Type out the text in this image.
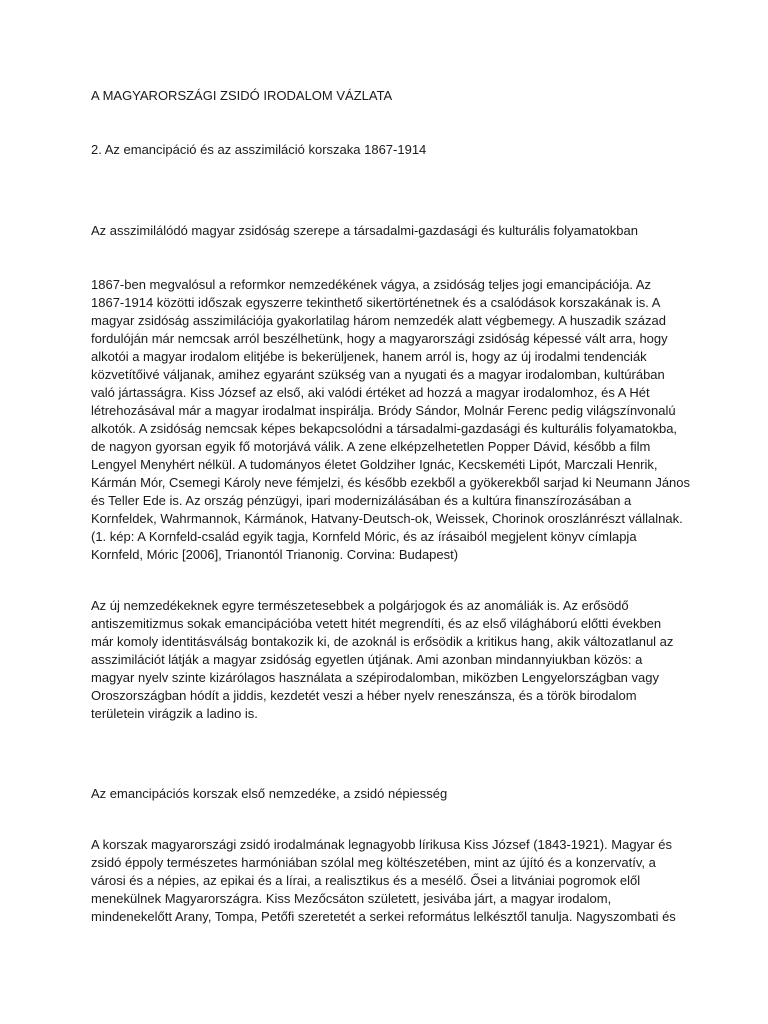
A MAGYARORSZÁGI ZSIDÓ IRODALOM VÁZLATA

2. Az emancipáció és az asszimiláció korszaka 1867-1914

Az asszimilálódó magyar zsidóság szerepe a társadalmi-gazdasági és kulturális folyamatokban

1867-ben megvalósul a reformkor nemzedékének vágya, a zsidóság teljes jogi emancipációja. Az

1867-1914 közötti időszak egyszerre tekinthető sikertörténetnek és a csalódások korszakának is. A

magyar zsidóság asszimilációja gyakorlatilag három nemzedék alatt végbemegy. A huszadik század

fordulóján már nemcsak arról beszélhetünk, hogy a magyarországi zsidóság képessé vált arra, hogy

alkotói a magyar irodalom elitjébe is bekerüljenek, hanem arról is, hogy az új irodalmi tendenciák

közvetítőivé váljanak, amihez egyaránt szükség van a nyugati és a magyar irodalomban, kultúrában

való jártasságra. Kiss József az első, aki valódi értéket ad hozzá a magyar irodalomhoz, és A Hét

létrehozásával már a magyar irodalmat inspirálja. Bródy Sándor, Molnár Ferenc pedig világszínvonalú

alkotók. A zsidóság nemcsak képes bekapcsolódni a társadalmi-gazdasági és kulturális folyamatokba,

de nagyon gyorsan egyik fő motorjává válik. A zene elképzelhetetlen Popper Dávid, később a film

Lengyel Menyhért nélkül. A tudományos életet Goldziher Ignác, Kecskeméti Lipót, Marczali Henrik,

Kármán Mór, Csemegi Károly neve fémjelzi, és később ezekből a gyökerekből sarjad ki Neumann János

és Teller Ede is. Az ország pénzügyi, ipari modernizálásában és a kultúra finanszírozásában a

Kornfeldek, Wahrmannok, Kármánok, Hatvany-Deutsch-ok, Weissek, Chorinok oroszlánrészt vállalnak.

(1. kép: A Kornfeld-család egyik tagja, Kornfeld Móric, és az írásaiból megjelent könyv címlapja

Kornfeld, Móric [2006], Trianontól Trianonig. Corvina: Budapest)

Az új nemzedékeknek egyre természetesebbek a polgárjogok és az anomáliák is. Az erősödő

antiszemitizmus sokak emancipációba vetett hitét megrendíti, és az első világháború előtti években

már komoly identitásválság bontakozik ki, de azoknál is erősödik a kritikus hang, akik változatlanul az

asszimilációt látják a magyar zsidóság egyetlen útjának. Ami azonban mindannyiukban közös: a

magyar nyelv szinte kizárólagos használata a szépirodalomban, miközben Lengyelországban vagy

Oroszországban hódít a jiddis, kezdetét veszi a héber nyelv reneszánsza, és a török birodalom

területein virágzik a ladino is.

Az emancipációs korszak első nemzedéke, a zsidó népiesség

A korszak magyarországi zsidó irodalmának legnagyobb lírikusa Kiss József (1843-1921). Magyar és

zsidó éppoly természetes harmóniában szólal meg költészetében, mint az újító és a konzervatív, a

városi és a népies, az epikai és a lírai, a realisztikus és a mesélő. Ősei a litvániai pogromok elől

menekülnek Magyarországra. Kiss Mezőcsáton született, jesivába járt, a magyar irodalom,

mindenekelőtt Arany, Tompa, Petőfi szeretetét a serkei református lelkésztől tanulja. Nagyszombati és
